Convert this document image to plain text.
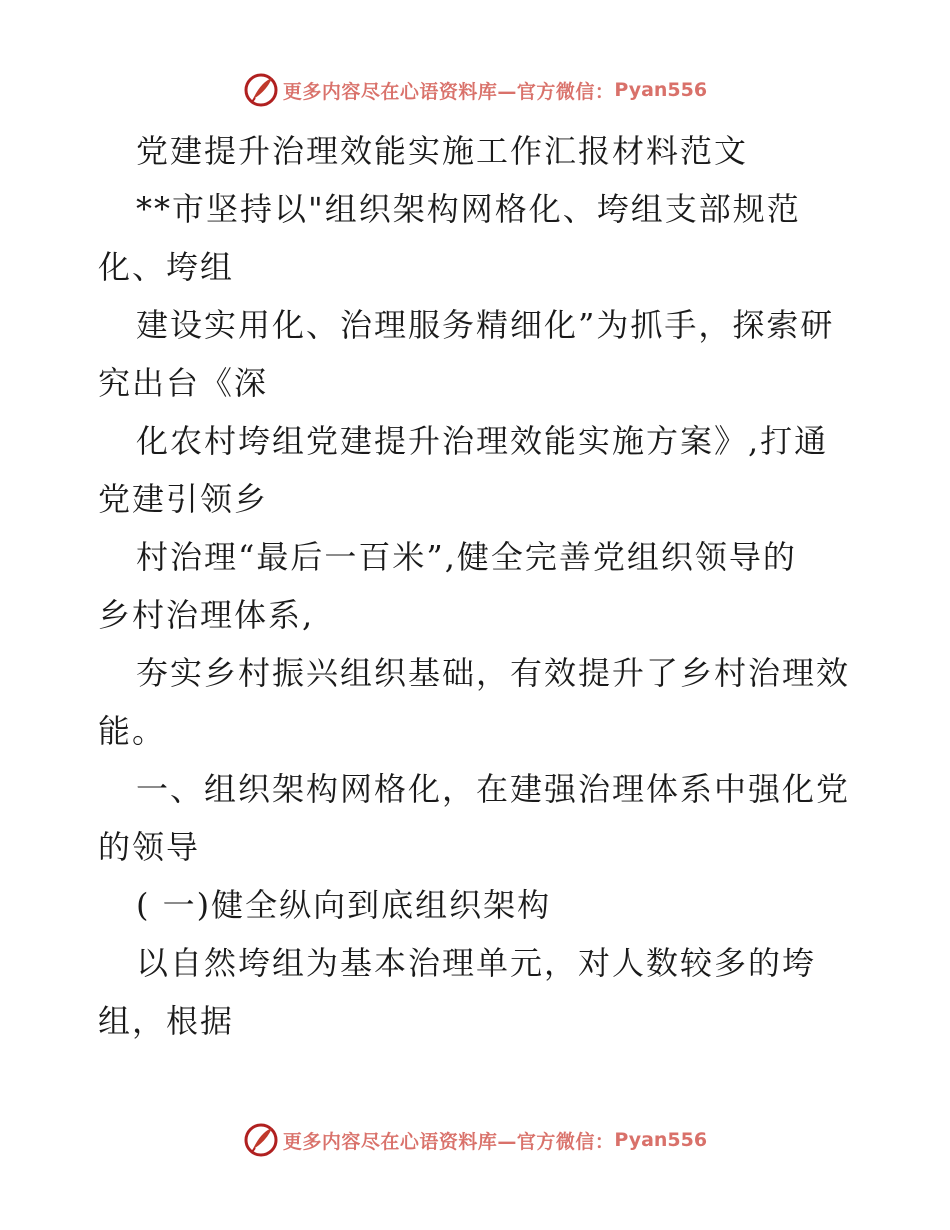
更多内容尽在心语资料库—官方微信： Pyan556
党建提升治理效能实施工作汇报材料范文
**市坚持以"组织架构网格化、垮组支部规范
化、垮组
建设实用化、治理服务精细化”为抓手，探索研
究出台《深
化农村垮组党建提升治理效能实施方案》,打通
党建引领乡
村治理“最后一百米”,健全完善党组织领导的
乡村治理体系,
夯实乡村振兴组织基础，有效提升了乡村治理效
能。
一、组织架构网格化，在建强治理体系中强化党
的领导
( 一)健全纵向到底组织架构
以自然垮组为基本治理单元，对人数较多的垮
组，根据
更多内容尽在心语资料库—官方微信： Pyan556
